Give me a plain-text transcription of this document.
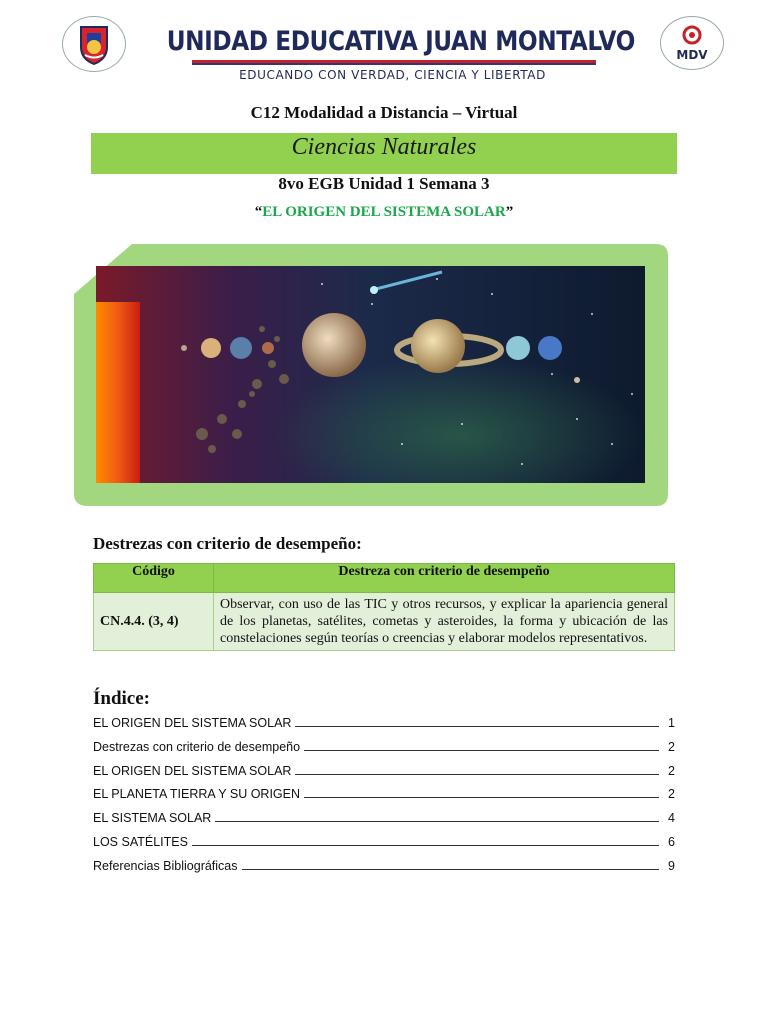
UNIDAD EDUCATIVA JUAN MONTALVO
EDUCANDO CON VERDAD, CIENCIA Y LIBERTAD
MDV
C12 Modalidad a Distancia – Virtual
Ciencias Naturales
8vo EGB Unidad 1 Semana 3
“EL ORIGEN DEL SISTEMA SOLAR”
Destrezas con criterio de desempeño:
Código	Destreza con criterio de desempeño
CN.4.4. (3, 4)	Observar, con uso de las TIC y otros recursos, y explicar la apariencia general de los planetas, satélites, cometas y asteroides, la forma y ubicación de las constelaciones según teorías o creencias y elaborar modelos representativos.
Índice:
EL ORIGEN DEL SISTEMA SOLAR	1
Destrezas con criterio de desempeño	2
EL ORIGEN DEL SISTEMA SOLAR	2
EL PLANETA TIERRA Y SU ORIGEN	2
EL SISTEMA SOLAR	4
LOS SATÉLITES	6
Referencias Bibliográficas	9
